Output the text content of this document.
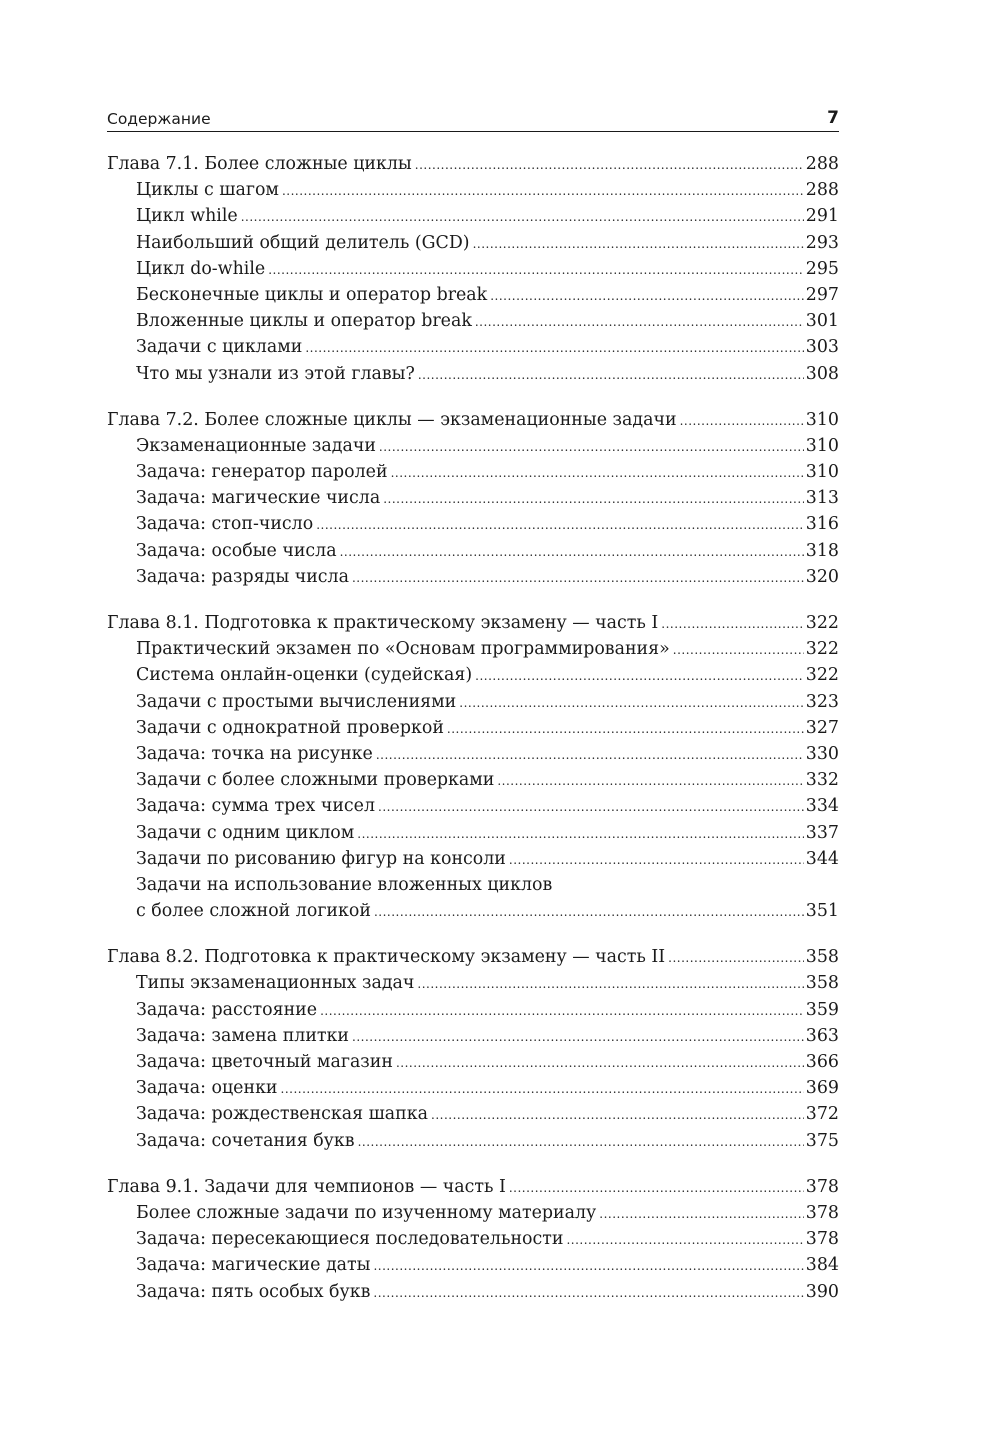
Содержание	7
Глава 7.1. Более сложные циклы .....	288
Циклы с шагом .....	288
Цикл while .....	291
Наибольший общий делитель (GCD) .....	293
Цикл do-while .....	295
Бесконечные циклы и оператор break .....	297
Вложенные циклы и оператор break .....	301
Задачи с циклами .....	303
Что мы узнали из этой главы? .....	308
Глава 7.2. Более сложные циклы — экзаменационные задачи .....	310
Экзаменационные задачи .....	310
Задача: генератор паролей .....	310
Задача: магические числа .....	313
Задача: стоп-число .....	316
Задача: особые числа .....	318
Задача: разряды числа .....	320
Глава 8.1. Подготовка к практическому экзамену — часть I .....	322
Практический экзамен по «Основам программирования» .....	322
Система онлайн-оценки (судейская) .....	322
Задачи с простыми вычислениями .....	323
Задачи с однократной проверкой .....	327
Задача: точка на рисунке .....	330
Задачи с более сложными проверками .....	332
Задача: сумма трех чисел .....	334
Задачи с одним циклом .....	337
Задачи по рисованию фигур на консоли .....	344
Задачи на использование вложенных циклов
с более сложной логикой .....	351
Глава 8.2. Подготовка к практическому экзамену — часть II .....	358
Типы экзаменационных задач .....	358
Задача: расстояние .....	359
Задача: замена плитки .....	363
Задача: цветочный магазин .....	366
Задача: оценки .....	369
Задача: рождественская шапка .....	372
Задача: сочетания букв .....	375
Глава 9.1. Задачи для чемпионов — часть I .....	378
Более сложные задачи по изученному материалу .....	378
Задача: пересекающиеся последовательности .....	378
Задача: магические даты .....	384
Задача: пять особых букв .....	390
